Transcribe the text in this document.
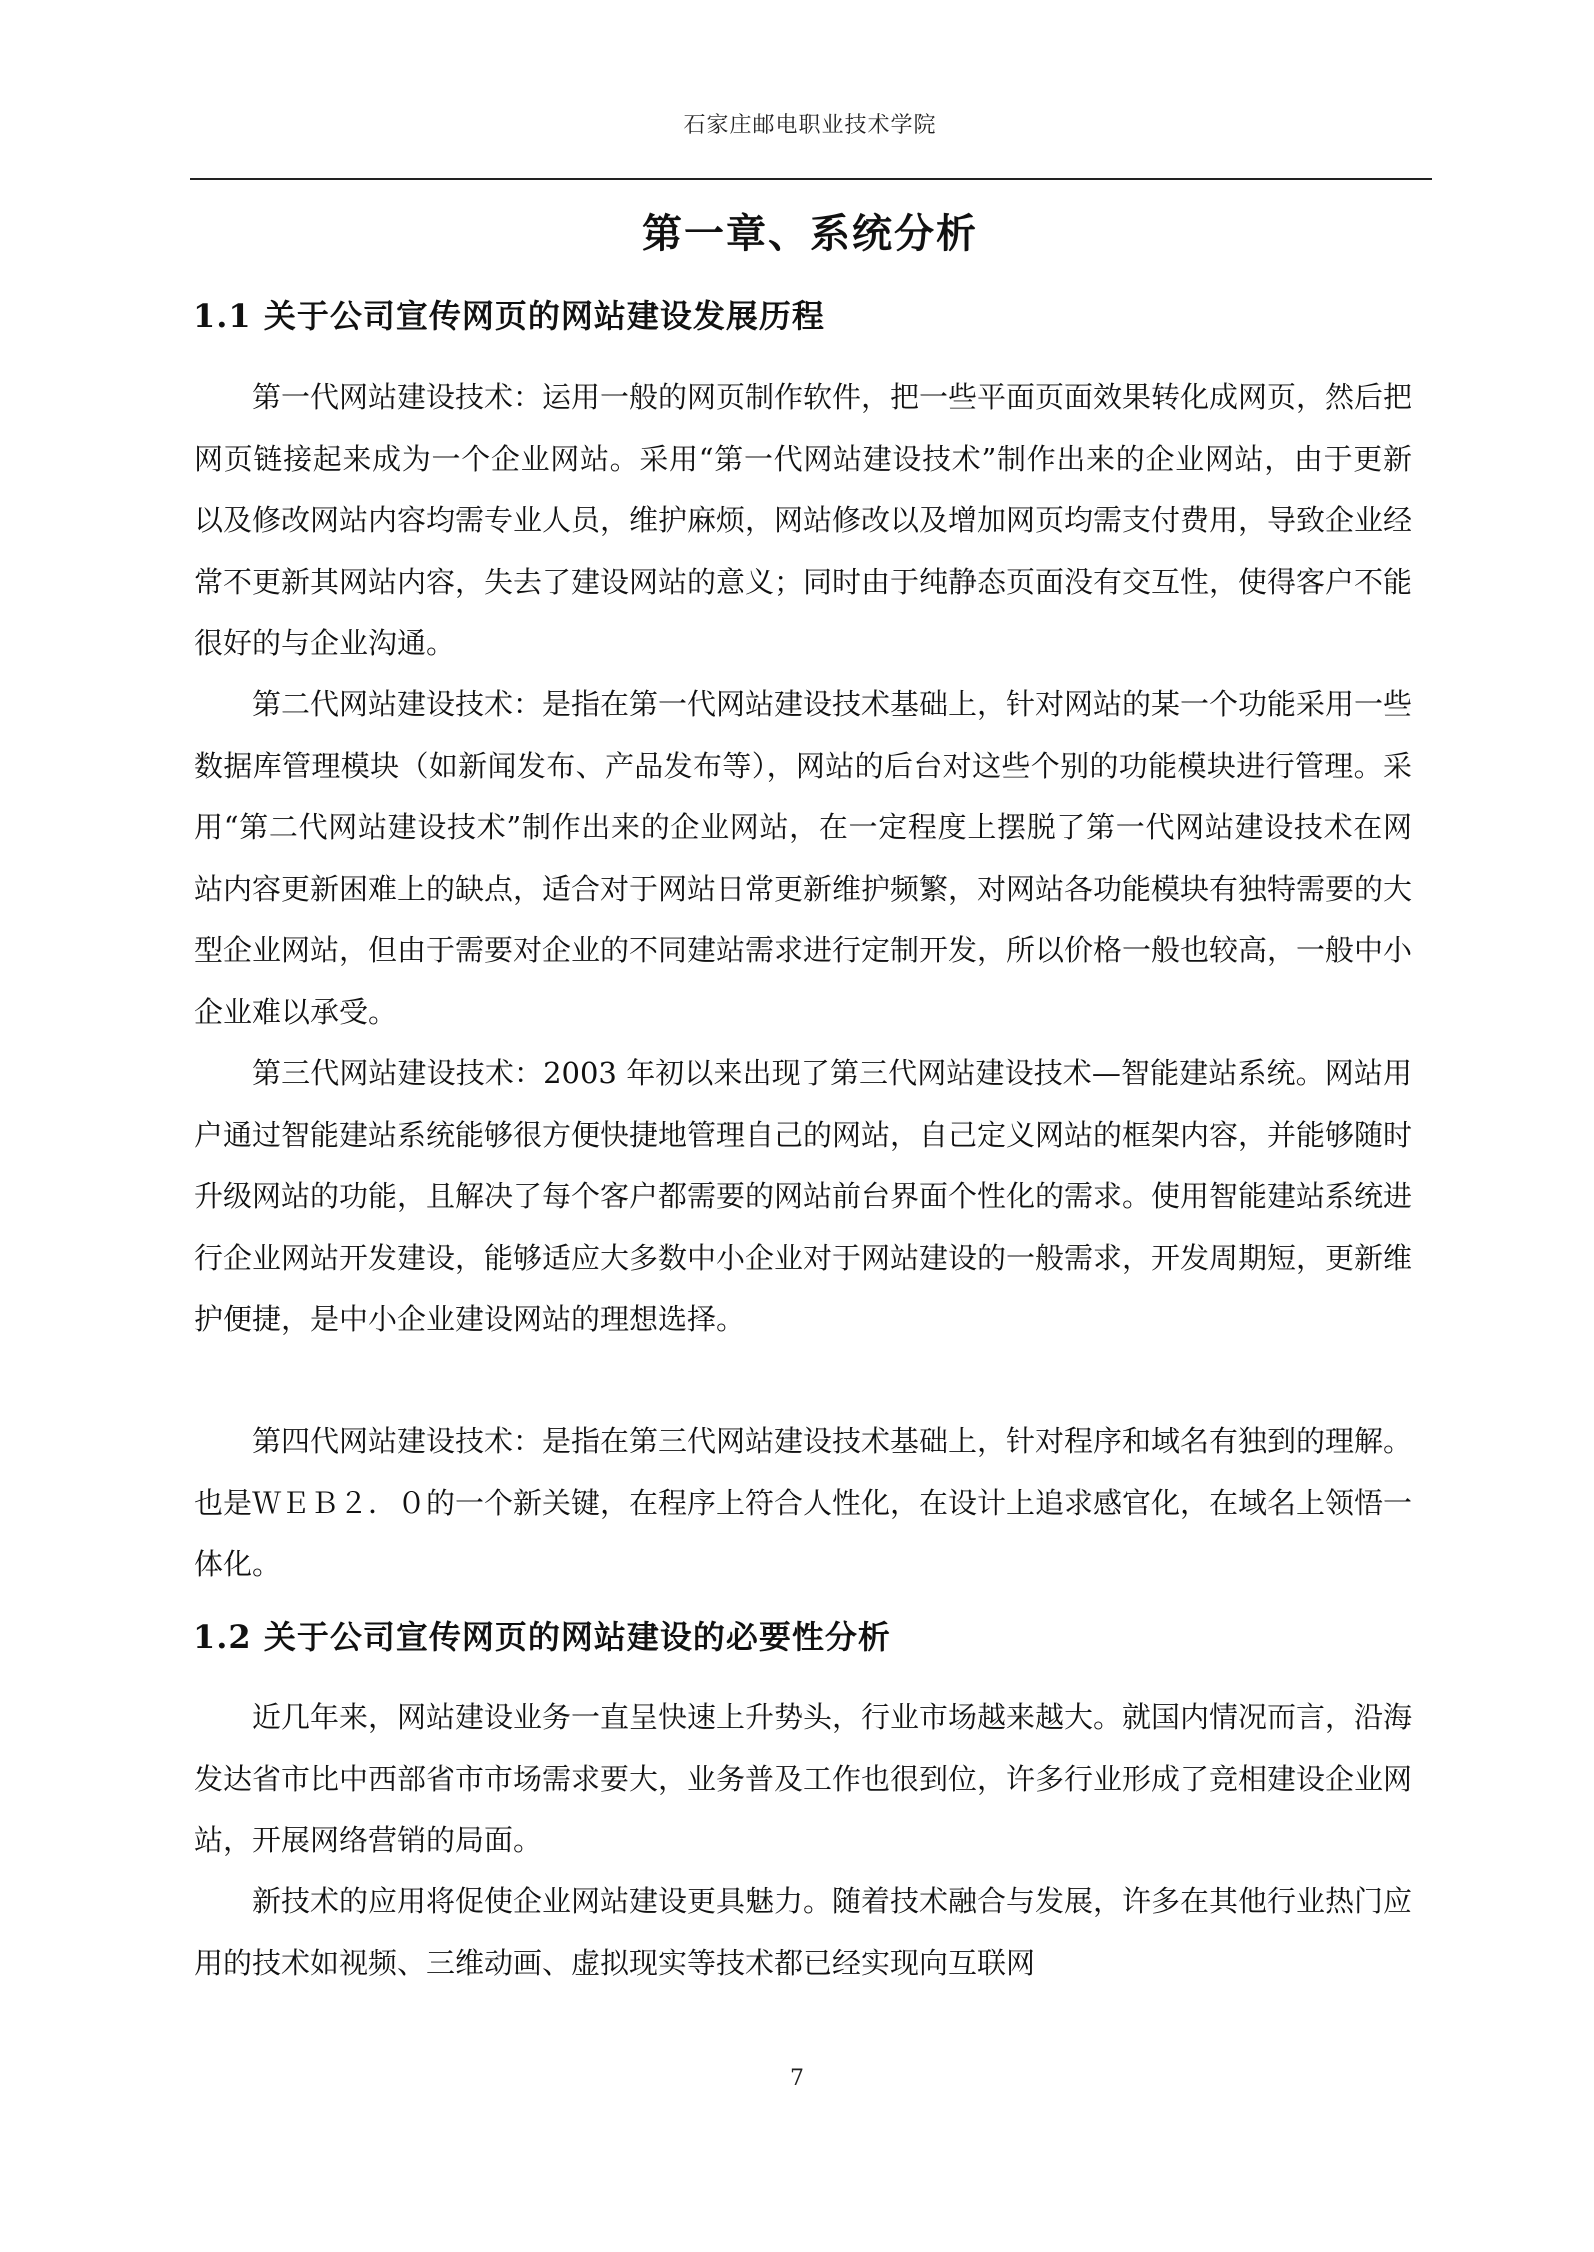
石家庄邮电职业技术学院
第一章、系统分析
1.1 关于公司宣传网页的网站建设发展历程

第一代网站建设技术：运用一般的网页制作软件，把一些平面页面效果转化成网页，然后把网页链接起来成为一个企业网站。采用“第一代网站建设技术”制作出来的企业网站，由于更新以及修改网站内容均需专业人员，维护麻烦，网站修改以及增加网页均需支付费用，导致企业经常不更新其网站内容，失去了建设网站的意义；同时由于纯静态页面没有交互性，使得客户不能很好的与企业沟通。

第二代网站建设技术：是指在第一代网站建设技术基础上，针对网站的某一个功能采用一些数据库管理模块（如新闻发布、产品发布等），网站的后台对这些个别的功能模块进行管理。采用“第二代网站建设技术”制作出来的企业网站，在一定程度上摆脱了第一代网站建设技术在网站内容更新困难上的缺点，适合对于网站日常更新维护频繁，对网站各功能模块有独特需要的大型企业网站，但由于需要对企业的不同建站需求进行定制开发，所以价格一般也较高，一般中小企业难以承受。

第三代网站建设技术：2003 年初以来出现了第三代网站建设技术—智能建站系统。网站用户通过智能建站系统能够很方便快捷地管理自己的网站，自己定义网站的框架内容，并能够随时升级网站的功能，且解决了每个客户都需要的网站前台界面个性化的需求。使用智能建站系统进行企业网站开发建设，能够适应大多数中小企业对于网站建设的一般需求，开发周期短，更新维护便捷，是中小企业建设网站的理想选择。

第四代网站建设技术：是指在第三代网站建设技术基础上，针对程序和域名有独到的理解。也是ＷＥＢ２．０的一个新关键，在程序上符合人性化，在设计上追求感官化，在域名上领悟一体化。

1.2 关于公司宣传网页的网站建设的必要性分析

近几年来，网站建设业务一直呈快速上升势头，行业市场越来越大。就国内情况而言，沿海发达省市比中西部省市市场需求要大，业务普及工作也很到位，许多行业形成了竞相建设企业网站，开展网络营销的局面。

新技术的应用将促使企业网站建设更具魅力。随着技术融合与发展，许多在其他行业热门应用的技术如视频、三维动画、虚拟现实等技术都已经实现向互联网

7
